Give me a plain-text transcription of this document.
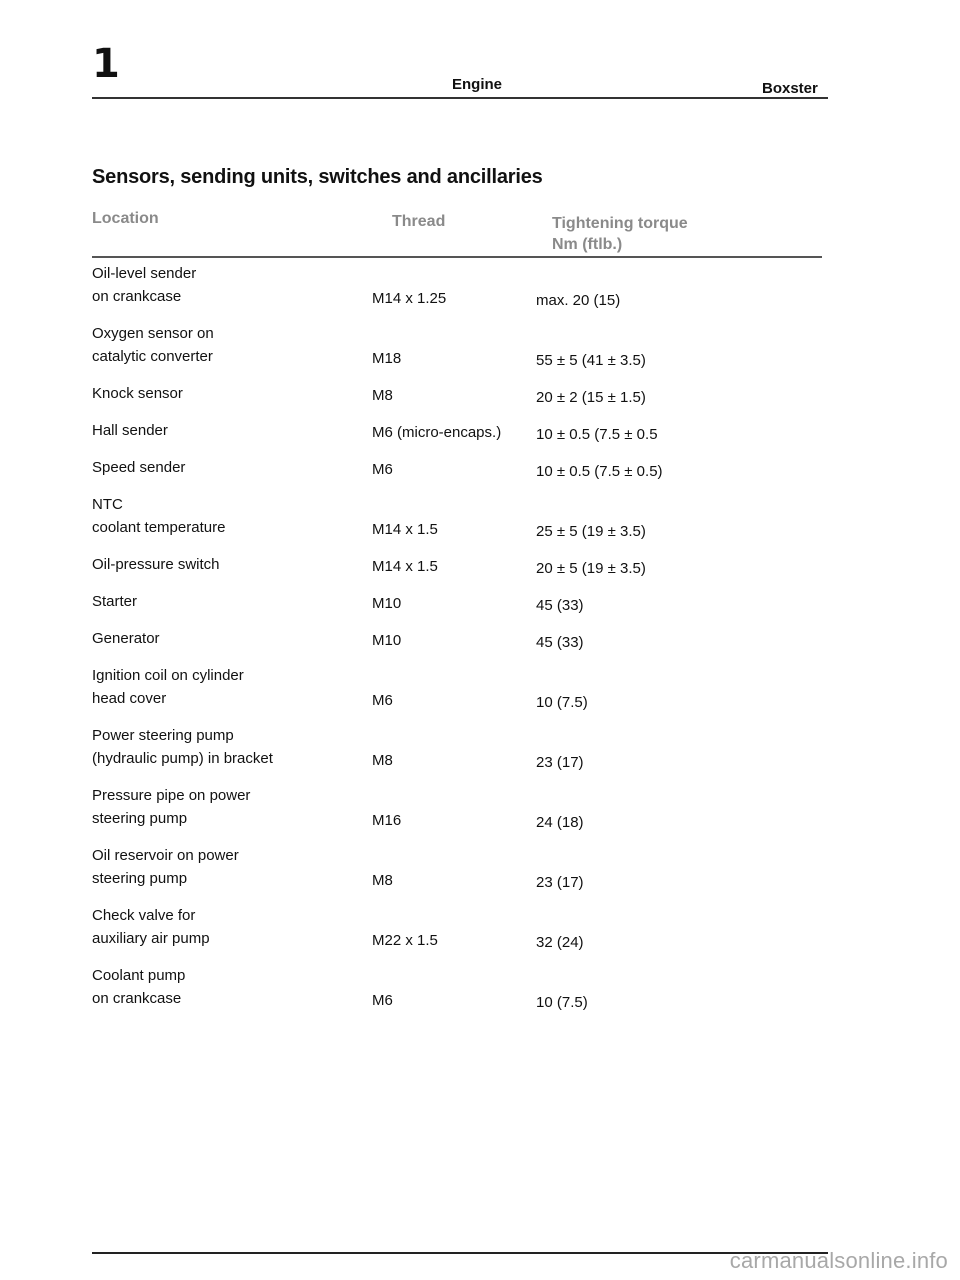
1	Engine	Boxster
Sensors, sending units, switches and ancillaries
Location	Thread	Tightening torque
Nm (ftlb.)
Oil-level sender
on crankcase	M14 x 1.25	max. 20 (15)
Oxygen sensor on
catalytic converter	M18	55 ± 5 (41 ± 3.5)
Knock sensor	M8	20 ± 2 (15 ± 1.5)
Hall sender	M6 (micro-encaps.)	10 ± 0.5 (7.5 ± 0.5
Speed sender	M6	10 ± 0.5 (7.5 ± 0.5)
NTC
coolant temperature	M14 x 1.5	25 ± 5 (19 ± 3.5)
Oil-pressure switch	M14 x 1.5	20 ± 5 (19 ± 3.5)
Starter	M10	45 (33)
Generator	M10	45 (33)
Ignition coil on cylinder
head cover	M6	10 (7.5)
Power steering pump
(hydraulic pump) in bracket	M8	23 (17)
Pressure pipe on power
steering pump	M16	24 (18)
Oil reservoir on power
steering pump	M8	23 (17)
Check valve for
auxiliary air pump	M22 x 1.5	32 (24)
Coolant pump
on crankcase	M6	10 (7.5)
carmanualsonline.info
